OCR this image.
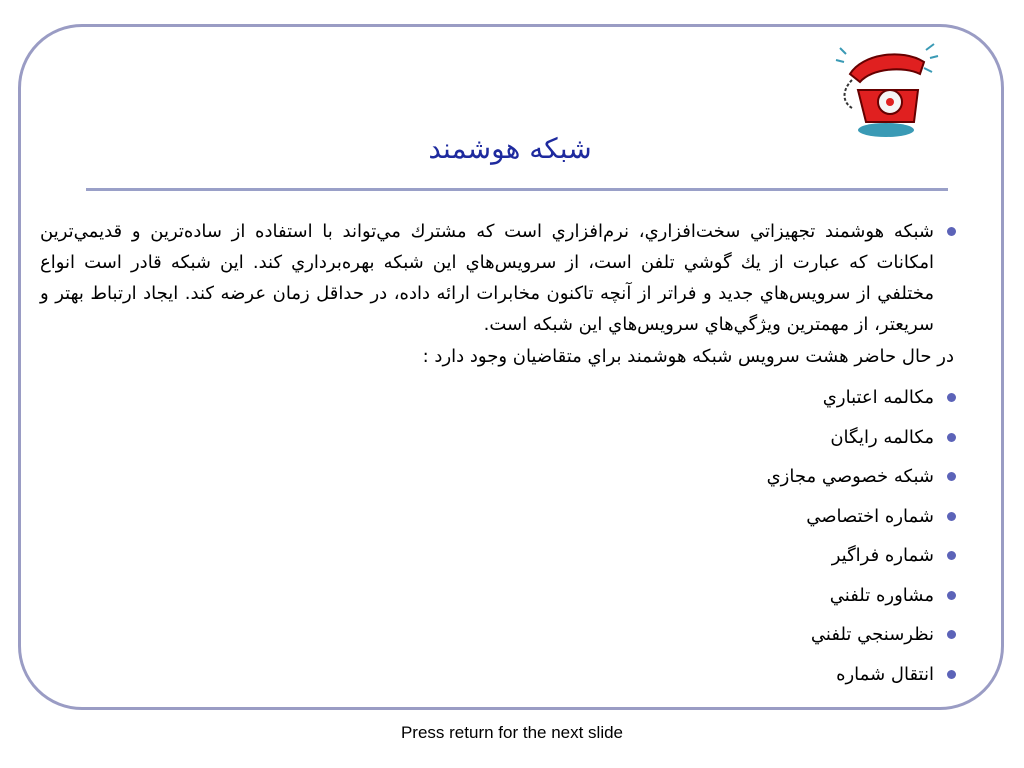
شبکه هوشمند
شبکه هوشمند تجهيزاتي سخت‌افزاري، نرم‌افزاري است که مشترك مي‌تواند با استفاده از ساده‌ترين و قديمي‌ترين امکانات که عبارت از يك گوشي تلفن است، از سرويس‌هاي اين شبکه بهره‌برداري کند. اين شبکه قادر است انواع مختلفي از سرويس‌هاي جديد و فراتر از آنچه تاکنون مخابرات ارائه داده، در حداقل زمان عرضه کند. ايجاد ارتباط بهتر و سريعتر، از مهمترين ويژگي‌هاي سرويس‌هاي اين شبکه است.
در حال حاضر هشت سرويس شبکه هوشمند براي متقاضيان وجود دارد :
مکالمه اعتباري
مکالمه رايگان
شبکه خصوصي مجازي
شماره اختصاصي
شماره فراگير
مشاوره تلفني
نظرسنجي تلفني
انتقال شماره
Press return for the next slide
